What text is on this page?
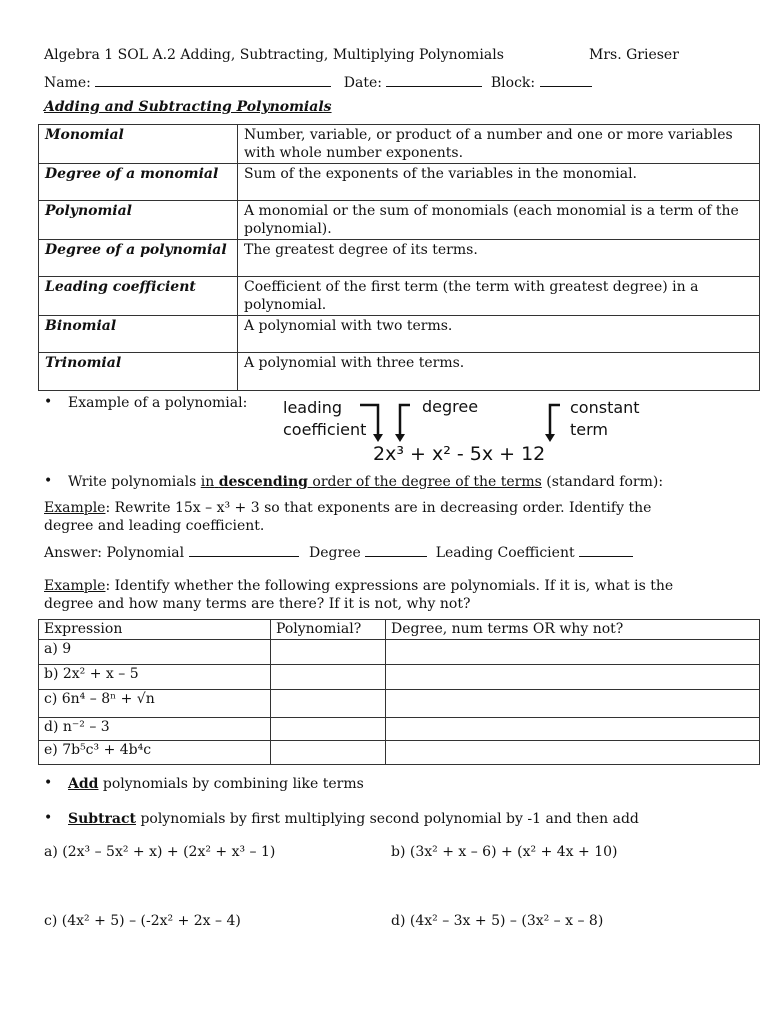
Algebra 1 SOL A.2 Adding, Subtracting, Multiplying Polynomials	Mrs. Grieser
Name:	Date:	Block:
Adding and Subtracting Polynomials
Monomial	Number, variable, or product of a number and one or more variables with whole number exponents.
Degree of a monomial	Sum of the exponents of the variables in the monomial.
Polynomial	A monomial or the sum of monomials (each monomial is a term of the polynomial).
Degree of a polynomial	The greatest degree of its terms.
Leading coefficient	Coefficient of the first term (the term with greatest degree) in a polynomial.
Binomial	A polynomial with two terms.
Trinomial	A polynomial with three terms.
• Example of a polynomial: leading
coefficient
degree	constant
term
2x³ + x² - 5x + 12
• Write polynomials in descending order of the degree of the terms (standard form):
Example: Rewrite 15x – x³ + 3 so that exponents are in decreasing order. Identify the
degree and leading coefficient.
Answer: Polynomial	Degree	Leading Coefficient
Example: Identify whether the following expressions are polynomials. If it is, what is the
degree and how many terms are there? If it is not, why not?
Expression	Polynomial?	Degree, num terms OR why not?
a) 9		
b) 2x² + x – 5		
c) 6n⁴ – 8ⁿ + √n		
d) n⁻² – 3		
e) 7b⁵c³ + 4b⁴c		
• Add polynomials by combining like terms
• Subtract polynomials by first multiplying second polynomial by -1 and then add
a) (2x³ – 5x² + x) + (2x² + x³ – 1)	b) (3x² + x – 6) + (x² + 4x + 10)
c) (4x² + 5) – (-2x² + 2x – 4)	d) (4x² – 3x + 5) – (3x² – x – 8)
